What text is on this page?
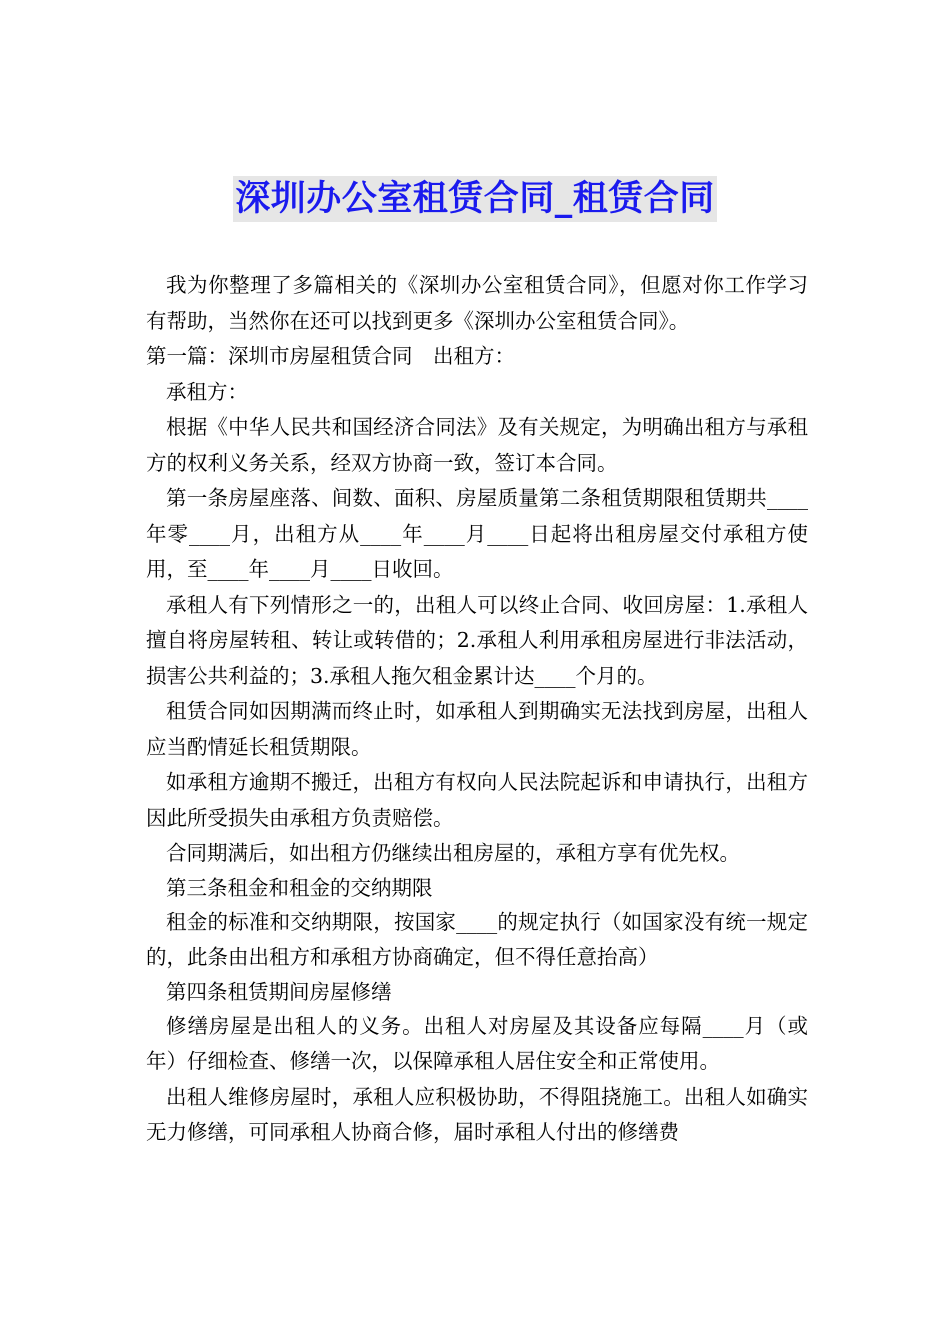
深圳办公室租赁合同_租赁合同

我为你整理了多篇相关的《深圳办公室租赁合同》，但愿对你工作学习有帮助，当然你在还可以找到更多《深圳办公室租赁合同》。

第一篇：深圳市房屋租赁合同　出租方：

承租方：

根据《中华人民共和国经济合同法》及有关规定，为明确出租方与承租方的权利义务关系，经双方协商一致，签订本合同。

第一条房屋座落、间数、面积、房屋质量第二条租赁期限租赁期共____年零____月，出租方从____年____月____日起将出租房屋交付承租方使用，至____年____月____日收回。

承租人有下列情形之一的，出租人可以终止合同、收回房屋：1.承租人擅自将房屋转租、转让或转借的；2.承租人利用承租房屋进行非法活动，损害公共利益的；3.承租人拖欠租金累计达____个月的。

租赁合同如因期满而终止时，如承租人到期确实无法找到房屋，出租人应当酌情延长租赁期限。

如承租方逾期不搬迁，出租方有权向人民法院起诉和申请执行，出租方因此所受损失由承租方负责赔偿。

合同期满后，如出租方仍继续出租房屋的，承租方享有优先权。

第三条租金和租金的交纳期限

租金的标准和交纳期限，按国家____的规定执行（如国家没有统一规定的，此条由出租方和承租方协商确定，但不得任意抬高）

第四条租赁期间房屋修缮

修缮房屋是出租人的义务。出租人对房屋及其设备应每隔____月（或年）仔细检查、修缮一次，以保障承租人居住安全和正常使用。

出租人维修房屋时，承租人应积极协助，不得阻挠施工。出租人如确实无力修缮，可同承租人协商合修，届时承租人付出的修缮费
